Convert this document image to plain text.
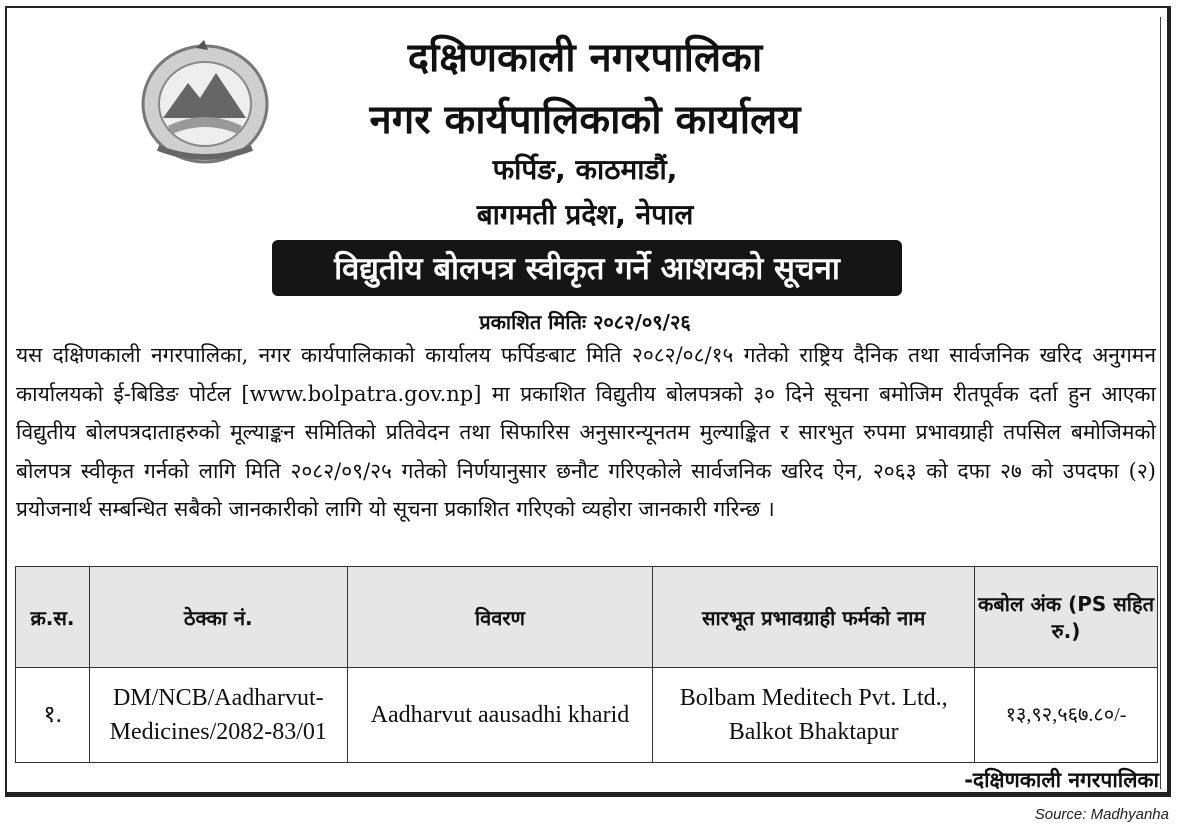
दक्षिणकाली नगरपालिका
नगर कार्यपालिकाको कार्यालय
फर्पिङ, काठमाडौं,
बागमती प्रदेश, नेपाल
विद्युतीय बोलपत्र स्वीकृत गर्ने आशयको सूचना
प्रकाशित मितिः २०८२/०९/२६
यस दक्षिणकाली नगरपालिका, नगर कार्यपालिकाको कार्यालय फर्पिङबाट मिति २०८२/०८/१५ गतेको राष्ट्रिय दैनिक तथा सार्वजनिक खरिद अनुगमन कार्यालयको ई-बिडिङ पोर्टल [www.bolpatra.gov.np] मा प्रकाशित विद्युतीय बोलपत्रको ३० दिने सूचना बमोजिम रीतपूर्वक दर्ता हुन आएका विद्युतीय बोलपत्रदाताहरुको मूल्याङ्कन समितिको प्रतिवेदन तथा सिफारिस अनुसारन्यूनतम मुल्याङ्कित र सारभुत रुपमा प्रभावग्राही तपसिल बमोजिमको बोलपत्र स्वीकृत गर्नको लागि मिति २०८२/०९/२५ गतेको निर्णयानुसार छनौट गरिएकोले सार्वजनिक खरिद ऐन, २०६३ को दफा २७ को उपदफा (२) प्रयोजनार्थ सम्बन्धित सबैको जानकारीको लागि यो सूचना प्रकाशित गरिएको व्यहोरा जानकारी गरिन्छ ।
क्र.स.	ठेक्का नं.	विवरण	सारभूत प्रभावग्राही फर्मको नाम	कबोल अंक (PS सहित रु.)
१.	DM/NCB/Aadharvut-Medicines/2082-83/01	Aadharvut aausadhi kharid	Bolbam Meditech Pvt. Ltd., Balkot Bhaktapur	१३,९२,५६७.८०/-
-दक्षिणकाली नगरपालिका
Source: Madhyanha
